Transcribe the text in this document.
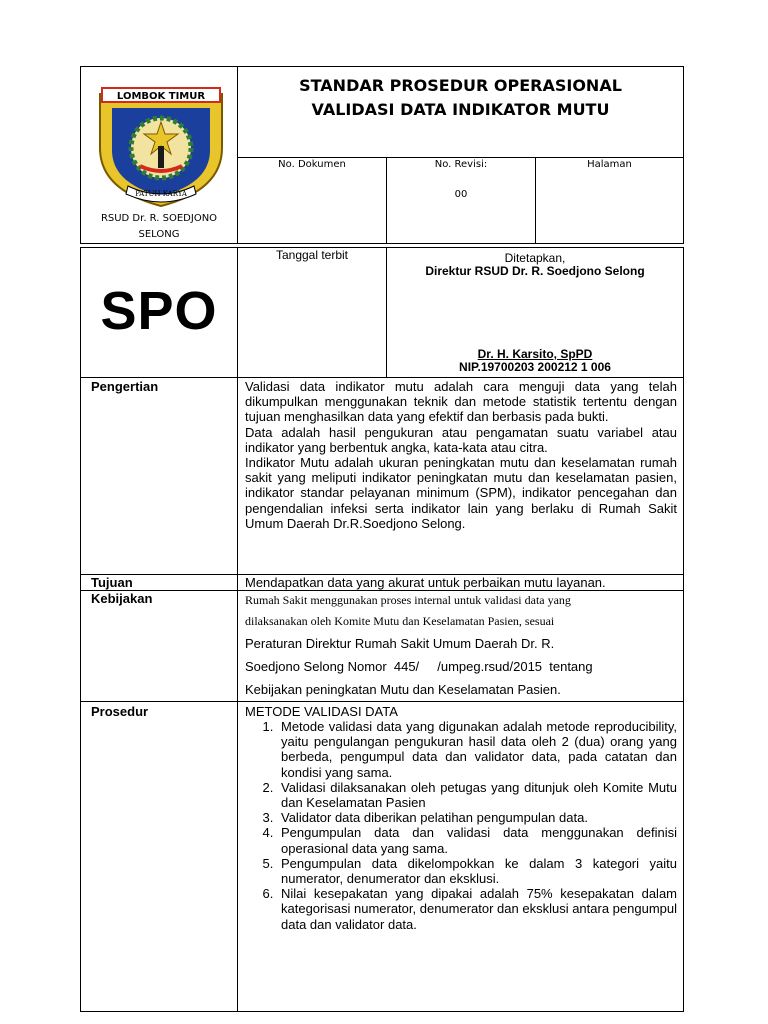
LOMBOK TIMUR
PATUH KARYA
RSUD Dr. R. SOEDJONO
SELONG
STANDAR PROSEDUR OPERASIONAL
VALIDASI DATA INDIKATOR MUTU
No. Dokumen	No. Revisi:
00
Halaman
SPO
Tanggal terbit	Ditetapkan,
Direktur RSUD Dr. R. Soedjono Selong
Dr. H. Karsito, SpPD
NIP.19700203 200212 1 006
Pengertian	Validasi data indikator mutu adalah cara menguji data yang telah dikumpulkan menggunakan teknik dan metode statistik tertentu dengan tujuan menghasilkan data yang efektif dan berbasis pada bukti.
Data adalah hasil pengukuran atau pengamatan suatu variabel atau indikator yang berbentuk angka, kata-kata atau citra.
Indikator Mutu adalah ukuran peningkatan mutu dan keselamatan rumah sakit yang meliputi indikator peningkatan mutu dan keselamatan pasien, indikator standar pelayanan minimum (SPM), indikator pencegahan dan pengendalian infeksi serta indikator lain yang berlaku di Rumah Sakit Umum Daerah Dr.R.Soedjono Selong.
Tujuan	Mendapatkan data yang akurat untuk perbaikan mutu layanan.
Kebijakan	Rumah Sakit menggunakan proses internal untuk validasi data yang
dilaksanakan oleh Komite Mutu dan Keselamatan Pasien, sesuai
Peraturan Direktur Rumah Sakit Umum Daerah Dr. R.
Soedjono Selong Nomor  445/     /umpeg.rsud/2015  tentang
Kebijakan peningkatan Mutu dan Keselamatan Pasien.
Prosedur	METODE VALIDASI DATA
1. Metode validasi data yang digunakan adalah metode reproducibility, yaitu pengulangan pengukuran hasil data oleh 2 (dua) orang yang berbeda, pengumpul data dan validator data, pada catatan dan kondisi yang sama.
2. Validasi dilaksanakan oleh petugas yang ditunjuk oleh Komite Mutu dan Keselamatan Pasien
3. Validator data diberikan pelatihan pengumpulan data.
4. Pengumpulan data dan validasi data menggunakan definisi operasional data yang sama.
5. Pengumpulan data dikelompokkan ke dalam 3 kategori yaitu numerator, denumerator dan eksklusi.
6. Nilai kesepakatan yang dipakai adalah 75% kesepakatan dalam kategorisasi numerator, denumerator dan eksklusi antara pengumpul data dan validator data.
